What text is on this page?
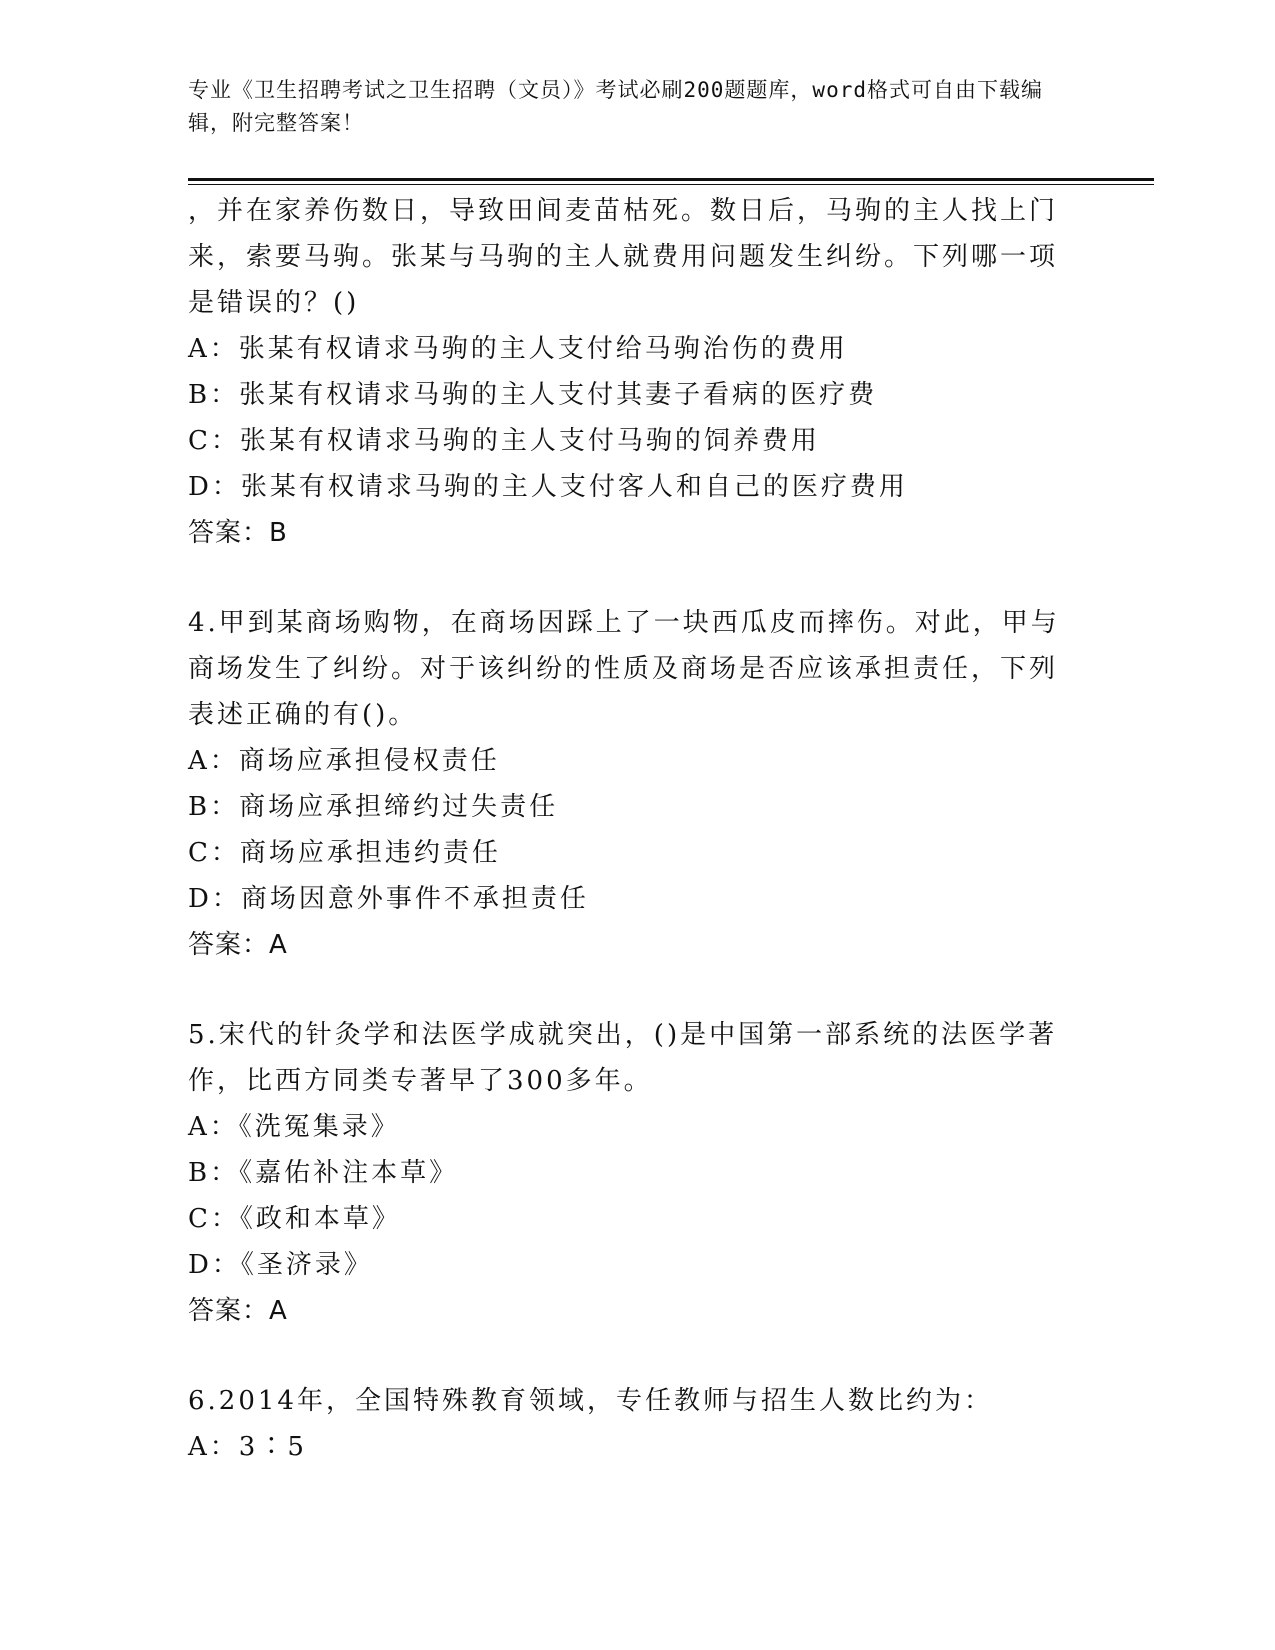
专业《卫生招聘考试之卫生招聘（文员）》考试必刷200题题库，word格式可自由下载编辑，附完整答案！
，并在家养伤数日，导致田间麦苗枯死。数日后，马驹的主人找上门
来，索要马驹。张某与马驹的主人就费用问题发生纠纷。下列哪一项
是错误的？()
A：张某有权请求马驹的主人支付给马驹治伤的费用
B：张某有权请求马驹的主人支付其妻子看病的医疗费
C：张某有权请求马驹的主人支付马驹的饲养费用
D：张某有权请求马驹的主人支付客人和自己的医疗费用
答案：B
4.甲到某商场购物，在商场因踩上了一块西瓜皮而摔伤。对此，甲与
商场发生了纠纷。对于该纠纷的性质及商场是否应该承担责任，下列
表述正确的有()。
A：商场应承担侵权责任
B：商场应承担缔约过失责任
C：商场应承担违约责任
D：商场因意外事件不承担责任
答案：A
5.宋代的针灸学和法医学成就突出，()是中国第一部系统的法医学著
作，比西方同类专著早了300多年。
A：《洗冤集录》
B：《嘉佑补注本草》
C：《政和本草》
D：《圣济录》
答案：A
6.2014年，全国特殊教育领域，专任教师与招生人数比约为：
A：3∶5
